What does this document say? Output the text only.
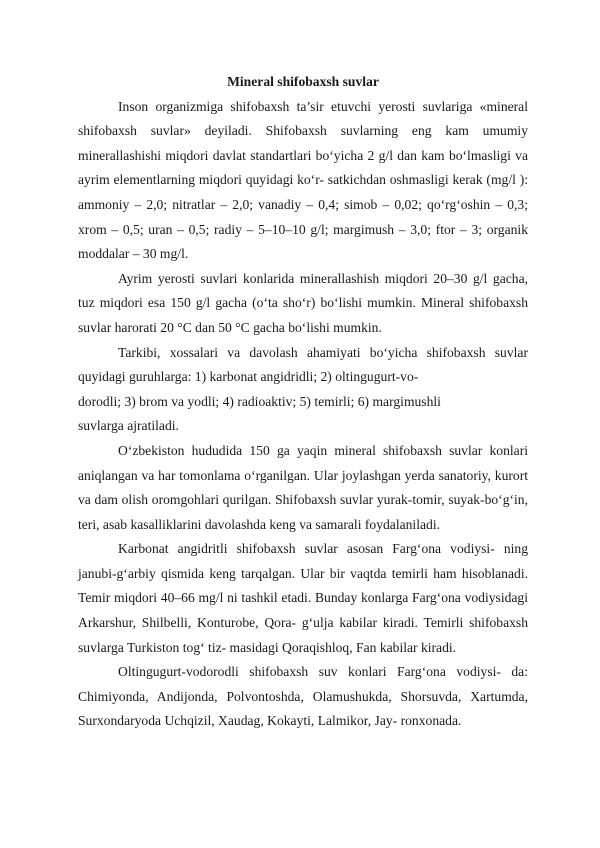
Mineral shifobaxsh suvlar

Inson organizmiga shifobaxsh ta’sir etuvchi yerosti suvlariga «mineral shifobaxsh suvlar» deyiladi. Shifobaxsh suvlarning eng kam umumiy minerallashishi miqdori davlat standartlari bo‘yicha 2 g/l dan kam bo‘lmasligi va ayrim elementlarning miqdori quyidagi ko‘r- satkichdan oshmasligi kerak (mg/l ): ammoniy – 2,0; nitratlar – 2,0; vanadiy – 0,4; simob – 0,02; qo‘rg‘oshin – 0,3; xrom – 0,5; uran – 0,5; radiy – 5–10–10 g/l; margimush – 3,0; ftor – 3; organik moddalar – 30 mg/l.

Ayrim yerosti suvlari konlarida minerallashish miqdori 20–30 g/l gacha, tuz miqdori esa 150 g/l gacha (o‘ta sho‘r) bo‘lishi mumkin. Mineral shifobaxsh suvlar harorati 20 °C dan 50 °C gacha bo‘lishi mumkin.

Tarkibi, xossalari va davolash ahamiyati bo‘yicha shifobaxsh suvlar quyidagi guruhlarga: 1) karbonat angidridli; 2) oltingugurt-vo-

dorodli; 3) brom va yodli; 4) radioaktiv; 5) temirli; 6) margimushli

suvlarga ajratiladi.

O‘zbekiston hududida 150 ga yaqin mineral shifobaxsh suvlar konlari aniqlangan va har tomonlama o‘rganilgan. Ular joylashgan yerda sanatoriy, kurort va dam olish oromgohlari qurilgan. Shifobaxsh suvlar yurak-tomir, suyak-bo‘g‘in, teri, asab kasalliklarini davolashda keng va samarali foydalaniladi.

Karbonat angidritli shifobaxsh suvlar asosan Farg‘ona vodiysi- ning janubi-g‘arbiy qismida keng tarqalgan. Ular bir vaqtda temirli ham hisoblanadi. Temir miqdori 40–66 mg/l ni tashkil etadi. Bunday konlarga Farg‘ona vodiysidagi Arkarshur, Shilbelli, Konturobe, Qora- g‘ulja kabilar kiradi. Temirli shifobaxsh suvlarga Turkiston tog‘ tiz- masidagi Qoraqishloq, Fan kabilar kiradi.

Oltingugurt-vodorodli shifobaxsh suv konlari Farg‘ona vodiysi- da: Chimiyonda, Andijonda, Polvontoshda, Olamushukda, Shorsuvda, Xartumda, Surxondaryoda Uchqizil, Xaudag, Kokayti, Lalmikor, Jay- ronxonada.
